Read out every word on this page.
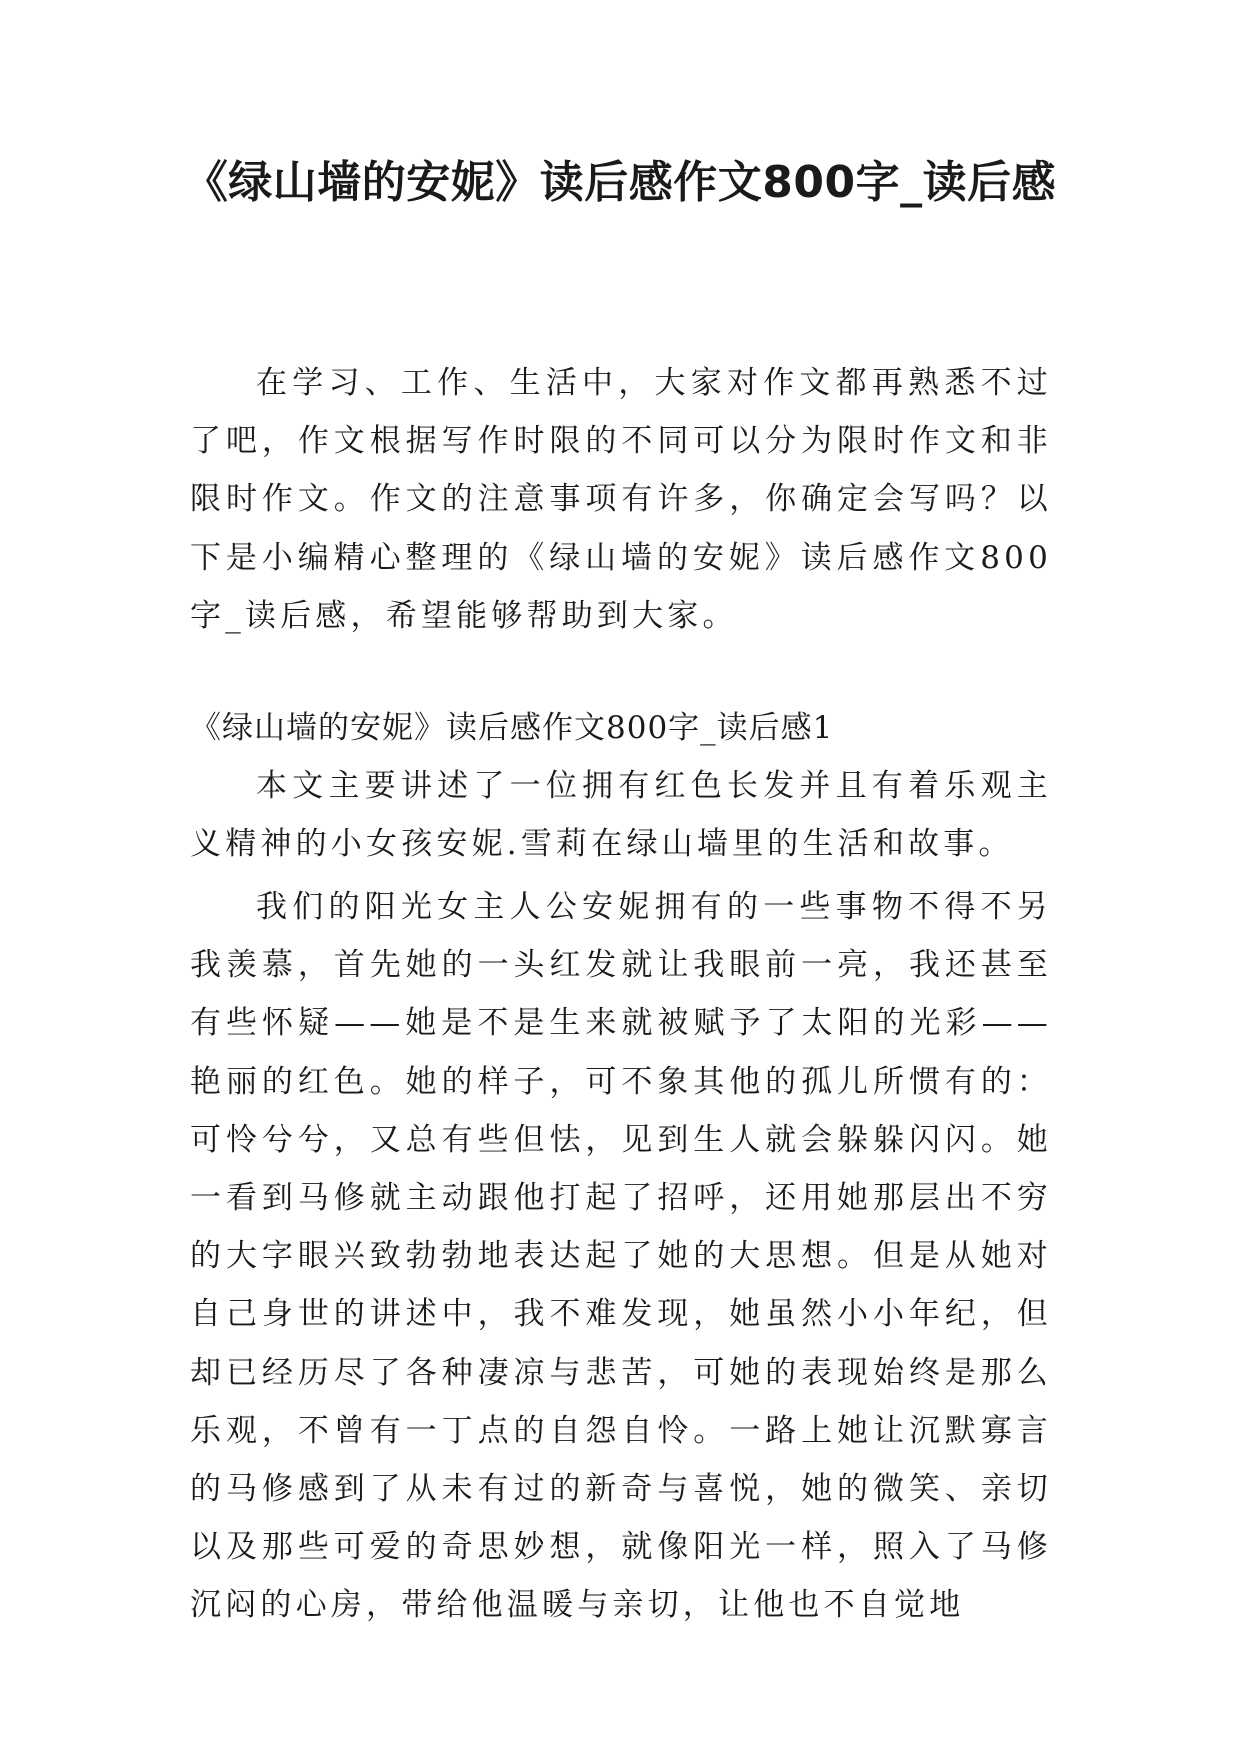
《绿山墙的安妮》读后感作文800字_读后感

在学习、工作、生活中，大家对作文都再熟悉不过了吧，作文根据写作时限的不同可以分为限时作文和非限时作文。作文的注意事项有许多，你确定会写吗？以下是小编精心整理的《绿山墙的安妮》读后感作文800字_读后感，希望能够帮助到大家。

《绿山墙的安妮》读后感作文800字_读后感1

本文主要讲述了一位拥有红色长发并且有着乐观主义精神的小女孩安妮.雪莉在绿山墙里的生活和故事。

我们的阳光女主人公安妮拥有的一些事物不得不另我羡慕，首先她的一头红发就让我眼前一亮，我还甚至有些怀疑——她是不是生来就被赋予了太阳的光彩——艳丽的红色。她的样子，可不象其他的孤儿所惯有的：可怜兮兮，又总有些但怯，见到生人就会躲躲闪闪。她一看到马修就主动跟他打起了招呼，还用她那层出不穷的大字眼兴致勃勃地表达起了她的大思想。但是从她对自己身世的讲述中，我不难发现，她虽然小小年纪，但却已经历尽了各种凄凉与悲苦，可她的表现始终是那么乐观，不曾有一丁点的自怨自怜。一路上她让沉默寡言的马修感到了从未有过的新奇与喜悦，她的微笑、亲切以及那些可爱的奇思妙想，就像阳光一样，照入了马修沉闷的心房，带给他温暖与亲切，让他也不自觉地
